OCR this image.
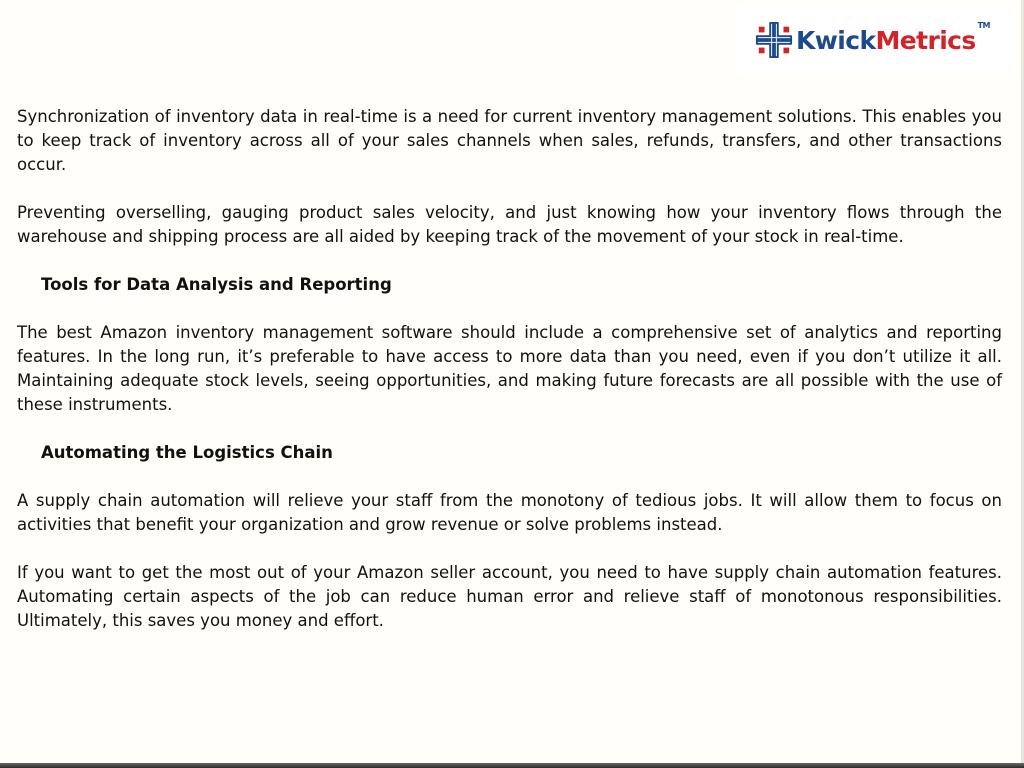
Kwick Metrics
TM

Synchronization of inventory data in real-time is a need for current inventory management solutions. This enables you to keep track of inventory across all of your sales channels when sales, refunds, transfers, and other transactions occur.

Preventing overselling, gauging product sales velocity, and just knowing how your inventory flows through the warehouse and shipping process are all aided by keeping track of the movement of your stock in real-time.

Tools for Data Analysis and Reporting

The best Amazon inventory management software should include a comprehensive set of analytics and reporting features. In the long run, it’s preferable to have access to more data than you need, even if you don’t utilize it all. Maintaining adequate stock levels, seeing opportunities, and making future forecasts are all possible with the use of these instruments.

Automating the Logistics Chain

A supply chain automation will relieve your staff from the monotony of tedious jobs. It will allow them to focus on activities that benefit your organization and grow revenue or solve problems instead.

If you want to get the most out of your Amazon seller account, you need to have supply chain automation features. Automating certain aspects of the job can reduce human error and relieve staff of monotonous responsibilities. Ultimately, this saves you money and effort.
